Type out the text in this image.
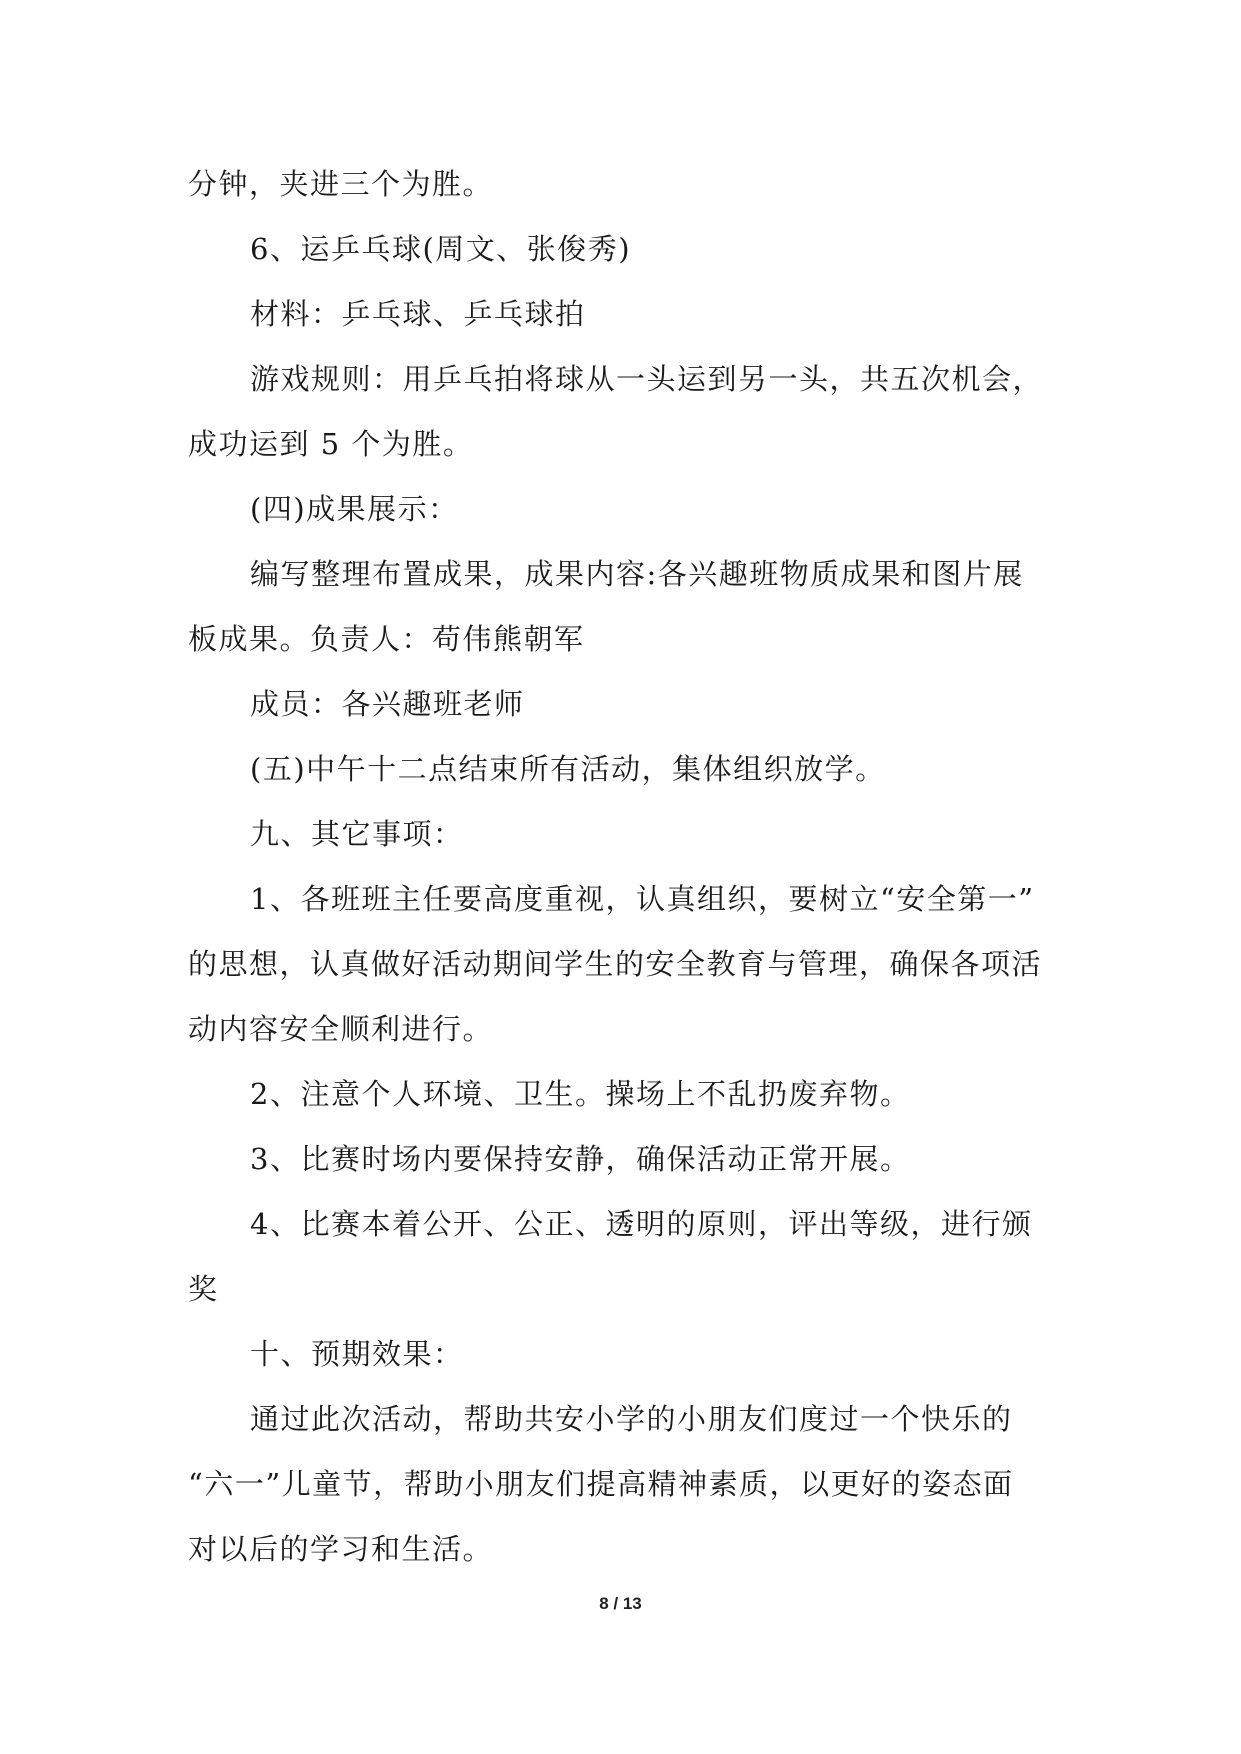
分钟，夹进三个为胜。

6、运乒乓球(周文、张俊秀)

材料：乒乓球、乒乓球拍

游戏规则：用乒乓拍将球从一头运到另一头，共五次机会，
成功运到 5 个为胜。

(四)成果展示：

编写整理布置成果，成果内容:各兴趣班物质成果和图片展
板成果。负责人：苟伟熊朝军

成员：各兴趣班老师

(五)中午十二点结束所有活动，集体组织放学。

九、其它事项：

1、各班班主任要高度重视，认真组织，要树立“安全第一”
的思想，认真做好活动期间学生的安全教育与管理，确保各项活
动内容安全顺利进行。

2、注意个人环境、卫生。操场上不乱扔废弃物。

3、比赛时场内要保持安静，确保活动正常开展。

4、比赛本着公开、公正、透明的原则，评出等级，进行颁
奖

十、预期效果：

通过此次活动，帮助共安小学的小朋友们度过一个快乐的
“六一”儿童节，帮助小朋友们提高精神素质，以更好的姿态面
对以后的学习和生活。

8 / 13
